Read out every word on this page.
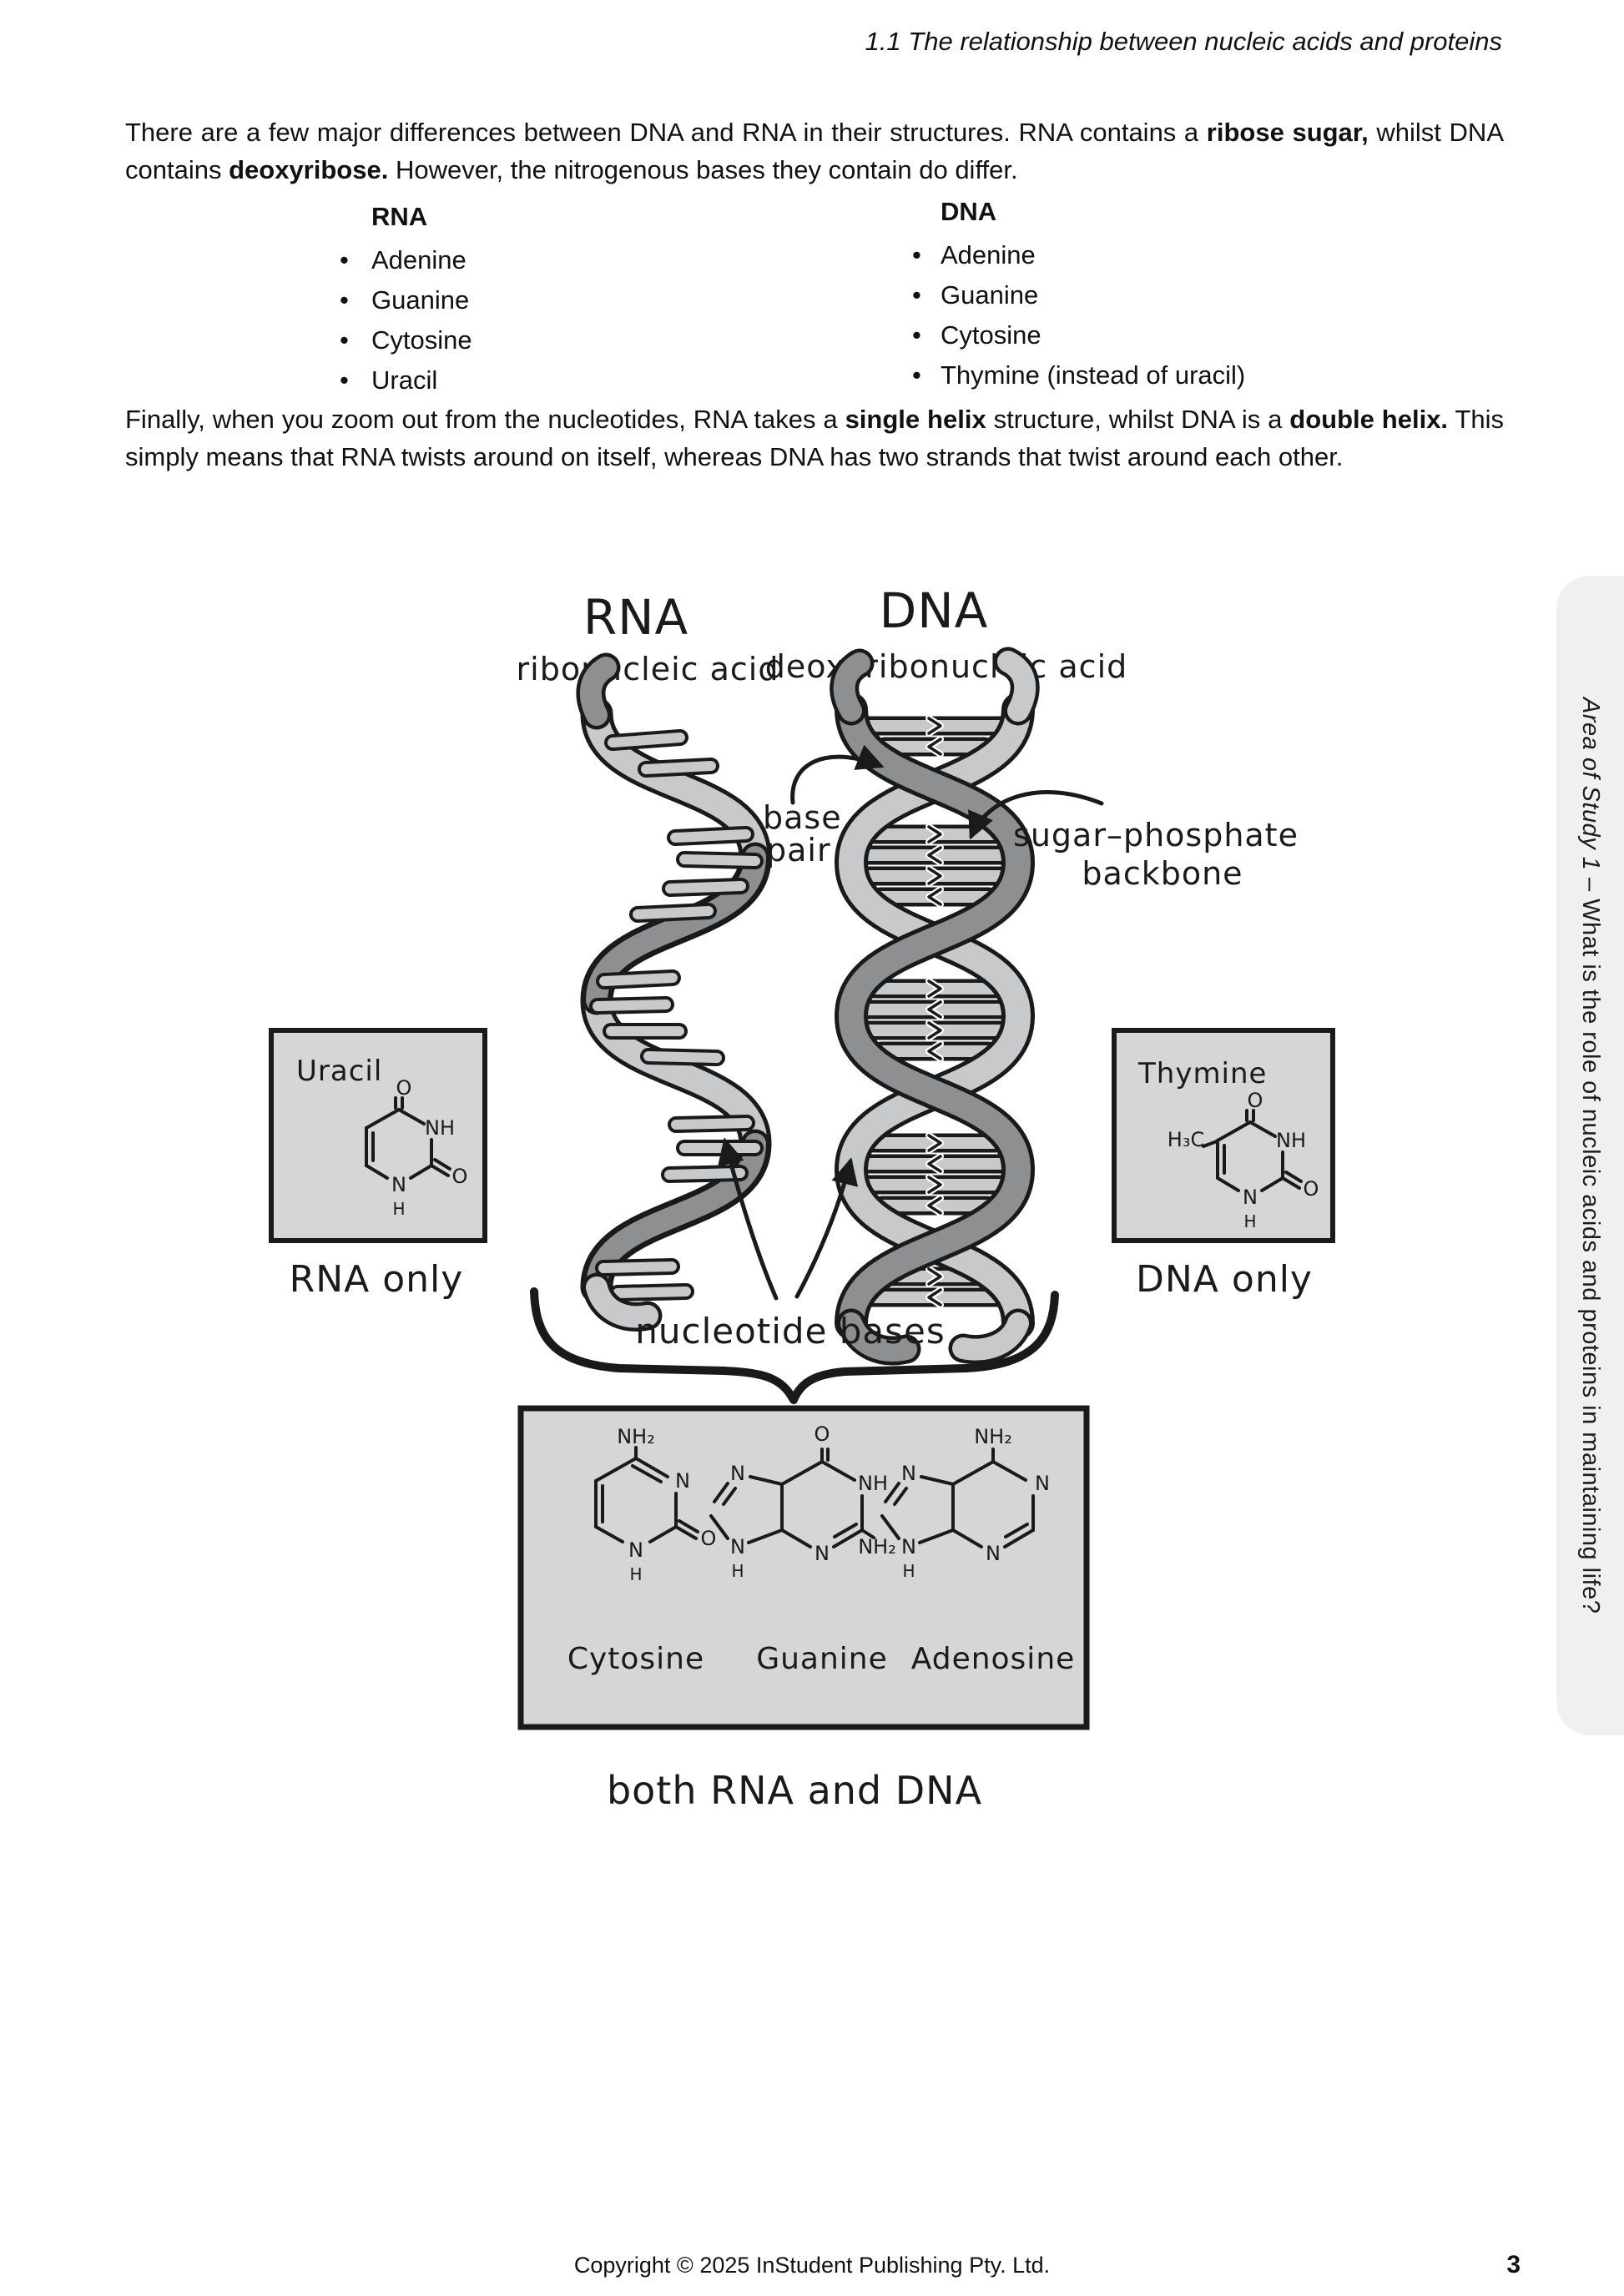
1.1 The relationship between nucleic acids and proteins

There are a few major differences between DNA and RNA in their structures. RNA contains a ribose sugar, whilst DNA contains deoxyribose. However, the nitrogenous bases they contain do differ.

RNA
• Adenine
• Guanine
• Cytosine
• Uracil
DNA
• Adenine
• Guanine
• Cytosine
• Thymine (instead of uracil)

Finally, when you zoom out from the nucleotides, RNA takes a single helix structure, whilst DNA is a double helix. This simply means that RNA twists around on itself, whereas DNA has two strands that twist around each other.

RNA
ribonucleic acid
DNA
deoxyribonucleic acid
base
pair	sugar–phosphate
backbone
nucleotide bases
Uracil O
NH
O
N
H
RNA only
Thymine
H₃C
DNA only
NH₂
N
O
N
H
O
NH
NH₂
N
N
N
H
NH₂
N
N
N
N
H
Cytosine Guanine Adenosine
both RNA and DNA
Area of Study 1 – What is the role of nucleic acids and proteins in maintaining life?
Copyright © 2025 InStudent Publishing Pty. Ltd.	3
